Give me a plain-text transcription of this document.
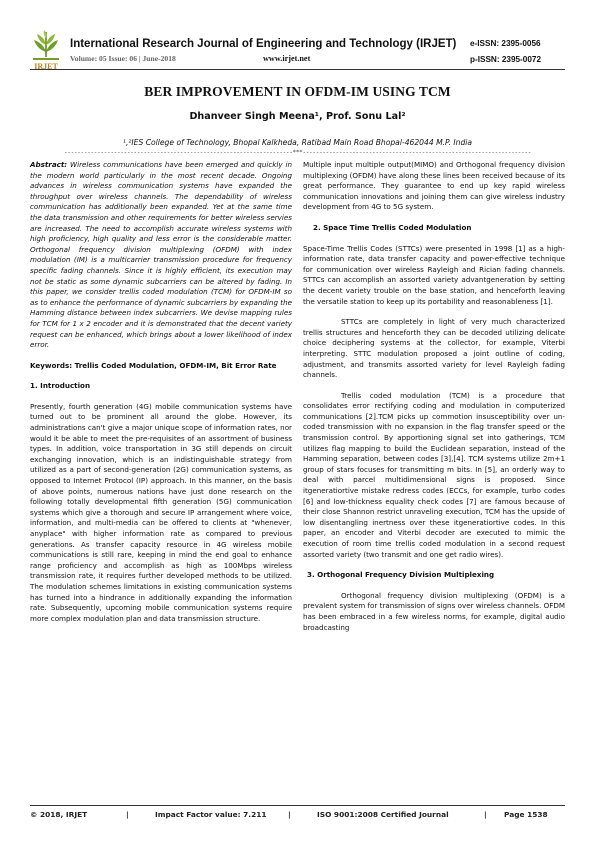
IRJET
International Research Journal of Engineering and Technology (IRJET) e-ISSN: 2395-0056
Volume: 05 Issue: 06 | June-2018	www.irjet.net	p-ISSN: 2395-0072
BER IMPROVEMENT IN OFDM-IM USING TCM
Dhanveer Singh Meena¹, Prof. Sonu Lal²
¹,²IES College of Technology, Bhopal Kalkheda, Ratibad Main Road Bhopal-462044 M.P. India
---------------------------------------------------------------------***---------------------------------------------------------------------

Abstract: Wireless communications have been emerged and quickly in the modern world particularly in the most recent decade. Ongoing advances in wireless communication systems have expanded the throughput over wireless channels. The dependability of wireless communication has additionally been expanded. Yet at the same time the data transmission and other requirements for better wireless servies are increased. The need to accomplish accurate wireless systems with high proficiency, high quality and less error is the considerable matter. Orthogonal frequency division multiplexing (OFDM) with index modulation (IM) is a multicarrier transmission procedure for frequency specific fading channels. Since it is highly efficient, its execution may not be static as some dynamic subcarriers can be altered by fading. In this paper, we consider trellis coded modulation (TCM) for OFDM-IM so as to enhance the performance of dynamic subcarriers by expanding the Hamming distance between index subcarriers. We devise mapping rules for TCM for 1 x 2 encoder and it is demonstrated that the decent variety request can be enhanced, which brings about a lower likelihood of index error.

Keywords: Trellis Coded Modulation, OFDM-IM, Bit Error Rate

1. Introduction

Presently, fourth generation (4G) mobile communication systems have turned out to be prominent all around the globe. However, its administrations can't give a major unique scope of information rates, nor would it be able to meet the pre-requisites of an assortment of business types. In addition, voice transportation in 3G still depends on circuit exchanging innovation, which is an indistinguishable strategy from utilized as a part of second-generation (2G) communication systems, as opposed to Internet Protocol (IP) approach. In this manner, on the basis of above points, numerous nations have just done research on the following totally developmental fifth generation (5G) communication systems which give a thorough and secure IP arrangement where voice, information, and multi-media can be offered to clients at "whenever, anyplace" with higher information rate as compared to previous generations. As transfer capacity resource in 4G wireless mobile communications is still rare, keeping in mind the end goal to enhance range proficiency and accomplish as high as 100Mbps wireless transmission rate, it requires further developed methods to be utilized. The modulation schemes limitations in existing communication systems has turned into a hindrance in additionally expanding the information rate. Subsequently, upcoming mobile communication systems require more complex modulation plan and data transmission structure.

Multiple input multiple output(MIMO) and Orthogonal frequency division multiplexing (OFDM) have along these lines been received because of its great performance. They guarantee to end up key rapid wireless communication innovations and joining them can give wireless industry development from 4G to 5G system.

2. Space Time Trellis Coded Modulation

Space-Time Trellis Codes (STTCs) were presented in 1998 [1] as a high-information rate, data transfer capacity and power-effective technique for communication over wireless Rayleigh and Rician fading channels. STTCs can accomplish an assorted variety advantgeneration by setting the decent variety trouble on the base station, and henceforth leaving the versatile station to keep up its portability and reasonableness [1].

STTCs are completely in light of very much characterized trellis structures and henceforth they can be decoded utilizing delicate choice deciphering systems at the collector, for example, Viterbi interpreting. STTC modulation proposed a joint outline of coding, adjustment, and transmits assorted variety for level Rayleigh fading channels.

Trellis coded modulation (TCM) is a procedure that consolidates error rectifying coding and modulation in computerized communications [2].TCM picks up commotion insusceptibility over un-coded transmission with no expansion in the flag transfer speed or the transmission control. By apportioning signal set into gatherings, TCM utilizes flag mapping to build the Euclidean separation, instead of the Hamming separation, between codes [3],[4]. TCM systems utilize 2m+1 group of stars focuses for transmitting m bits. In [5], an orderly way to deal with parcel multidimensional signs is proposed. Since itgeneratiortive mistake redress codes (ECCs, for example, turbo codes [6] and low-thickness equality check codes [7] are famous because of their close Shannon restrict unraveling execution, TCM has the upside of low disentangling inertness over these itgeneratiortive codes. In this paper, an encoder and Viterbi decoder are executed to mimic the execution of room time trellis coded modulation in a second request assorted variety (two transmit and one get radio wires).

3. Orthogonal Frequency Division Multiplexing

Orthogonal frequency division multiplexing (OFDM) is a prevalent system for transmission of signs over wireless channels. OFDM has been embraced in a few wireless norms, for example, digital audio broadcasting

© 2018, IRJET	|	Impact Factor value: 7.211	|	ISO 9001:2008 Certified Journal	| Page 1538
